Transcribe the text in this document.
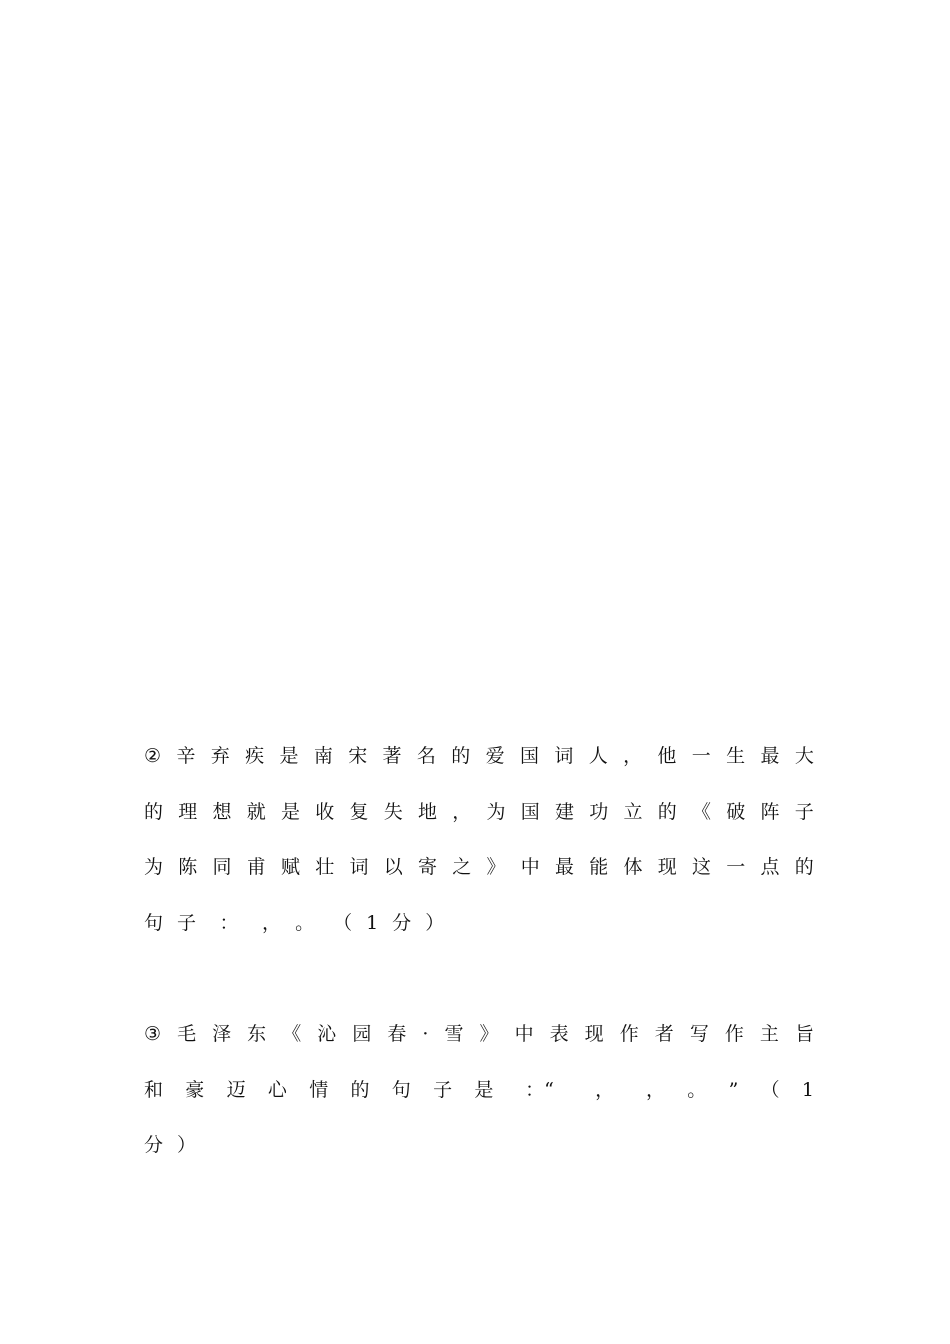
② 辛 弃 疾 是 南 宋 著 名 的 爱 国 词 人 ， 他 一 生 最 大
的 理 想 就 是 收 复 失 地 ， 为 国 建 功 立 的 《 破 阵 子
为 陈 同 甫 赋 壮 词 以 寄 之 》 中 最 能 体 现 这 一 点 的
句 子	：　 ，　 。　　（ 1 分 ）
③ 毛 泽 东 《 沁 园 春 · 雪 》 中 表 现 作 者 写 作 主 旨
和 豪 迈 心 情 的 句 子 是	：“　	，　	，　 。 ” （ 1
分 ）
